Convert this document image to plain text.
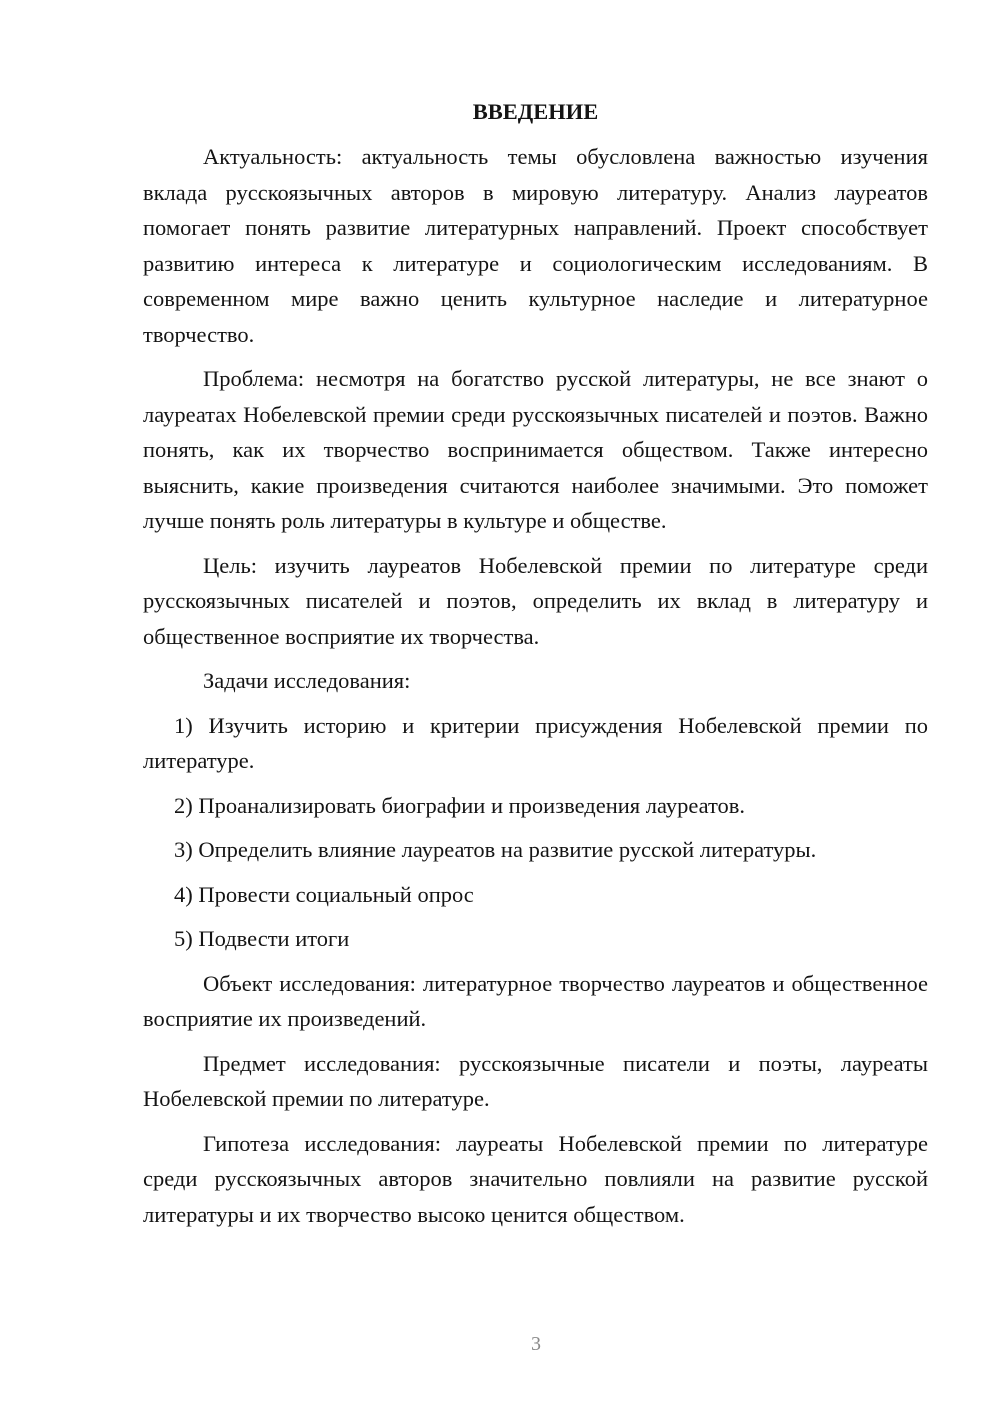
ВВЕДЕНИЕ

Актуальность: актуальность темы обусловлена важностью изучения вклада русскоязычных авторов в мировую литературу. Анализ лауреатов помогает понять развитие литературных направлений. Проект способствует развитию интереса к литературе и социологическим исследованиям. В современном мире важно ценить культурное наследие и литературное творчество.

Проблема: несмотря на богатство русской литературы, не все знают о лауреатах Нобелевской премии среди русскоязычных писателей и поэтов. Важно понять, как их творчество воспринимается обществом. Также интересно выяснить, какие произведения считаются наиболее значимыми. Это поможет лучше понять роль литературы в культуре и обществе.

Цель: изучить лауреатов Нобелевской премии по литературе среди русскоязычных писателей и поэтов, определить их вклад в литературу и общественное восприятие их творчества.

Задачи исследования:

1) Изучить историю и критерии присуждения Нобелевской премии по литературе.

2) Проанализировать биографии и произведения лауреатов.

3) Определить влияние лауреатов на развитие русской литературы.

4) Провести социальный опрос

5) Подвести итоги

Объект исследования: литературное творчество лауреатов и общественное восприятие их произведений.

Предмет исследования: русскоязычные писатели и поэты, лауреаты Нобелевской премии по литературе.

Гипотеза исследования: лауреаты Нобелевской премии по литературе среди русскоязычных авторов значительно повлияли на развитие русской литературы и их творчество высоко ценится обществом.

3
